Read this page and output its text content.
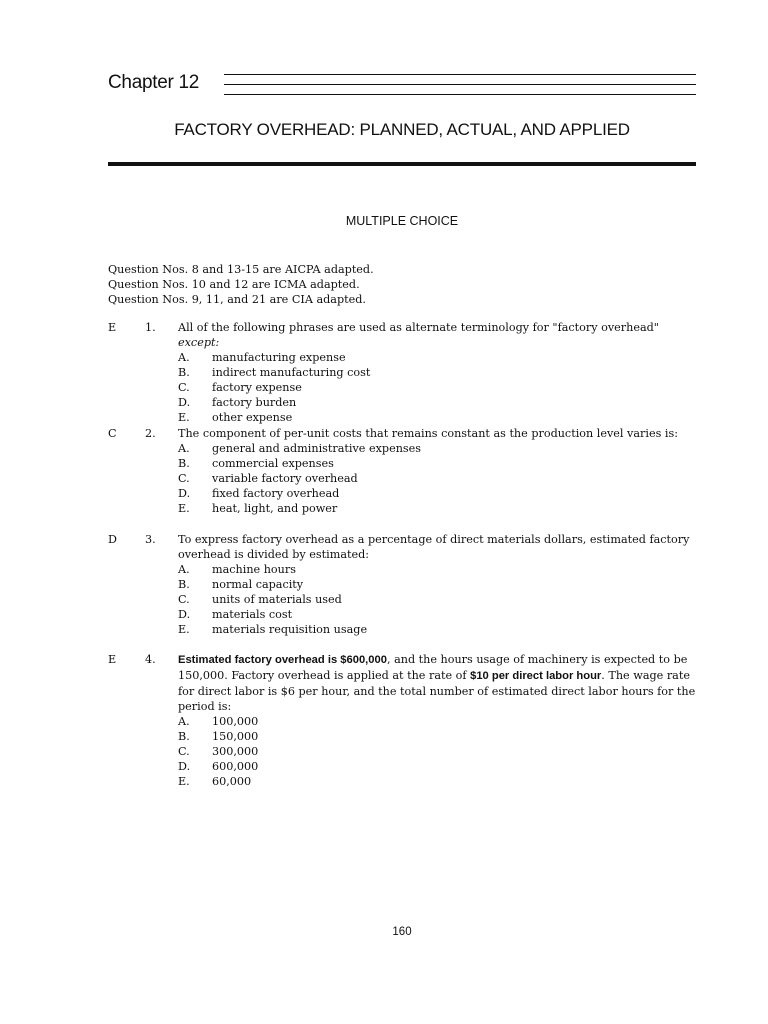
Chapter 12
FACTORY OVERHEAD: PLANNED, ACTUAL, AND APPLIED
MULTIPLE CHOICE
Question Nos. 8 and 13-15 are AICPA adapted.
Question Nos. 10 and 12 are ICMA adapted.
Question Nos. 9, 11, and 21 are CIA adapted.
E	1.	All of the following phrases are used as alternate terminology for "factory overhead" except:
A.	manufacturing expense
B.	indirect manufacturing cost
C.	factory expense
D.	factory burden
E.	other expense
C	2.	The component of per-unit costs that remains constant as the production level varies is:
A.	general and administrative expenses
B.	commercial expenses
C.	variable factory overhead
D.	fixed factory overhead
E.	heat, light, and power
D	3.	To express factory overhead as a percentage of direct materials dollars, estimated factory overhead is divided by estimated:
A.	machine hours
B.	normal capacity
C.	units of materials used
D.	materials cost
E.	materials requisition usage
E	4.	Estimated factory overhead is $600,000, and the hours usage of machinery is expected to be 150,000. Factory overhead is applied at the rate of $10 per direct labor hour. The wage rate for direct labor is $6 per hour, and the total number of estimated direct labor hours for the period is:
A.	100,000
B.	150,000
C.	300,000
D.	600,000
E.	60,000
160
